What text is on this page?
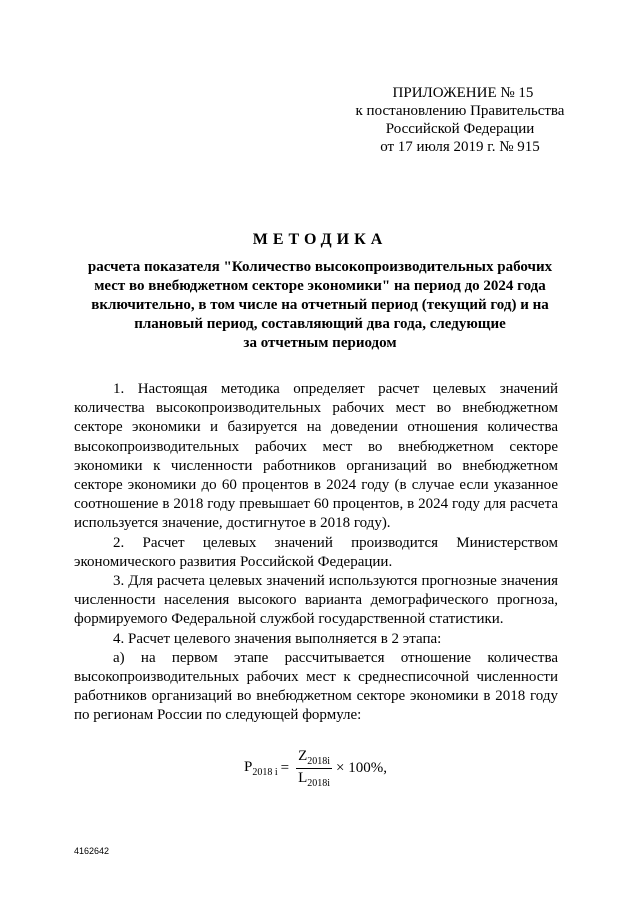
ПРИЛОЖЕНИЕ № 15
к постановлению Правительства
Российской Федерации
от 17 июля 2019 г. № 915
МЕТОДИКА
расчета показателя "Количество высокопроизводительных рабочих
мест во внебюджетном секторе экономики" на период до 2024 года
включительно, в том числе на отчетный период (текущий год) и на
плановый период, составляющий два года, следующие
за отчетным периодом

1. Настоящая методика определяет расчет целевых значений количества высокопроизводительных рабочих мест во внебюджетном секторе экономики и базируется на доведении отношения количества высокопроизводительных рабочих мест во внебюджетном секторе экономики к численности работников организаций во внебюджетном секторе экономики до 60 процентов в 2024 году (в случае если указанное соотношение в 2018 году превышает 60 процентов, в 2024 году для расчета используется значение, достигнутое в 2018 году).

2. Расчет целевых значений производится Министерством экономического развития Российской Федерации.

3. Для расчета целевых значений используются прогнозные значения численности населения высокого варианта демографического прогноза, формируемого Федеральной службой государственной статистики.

4. Расчет целевого значения выполняется в 2 этапа:

а) на первом этапе рассчитывается отношение количества высокопроизводительных рабочих мест к среднесписочной численности работников организаций во внебюджетном секторе экономики в 2018 году по регионам России по следующей формуле:

$P_{2018 i} = \frac{Z_{2018i}}{L_{2018i}} \times 100\%$,
4162642
